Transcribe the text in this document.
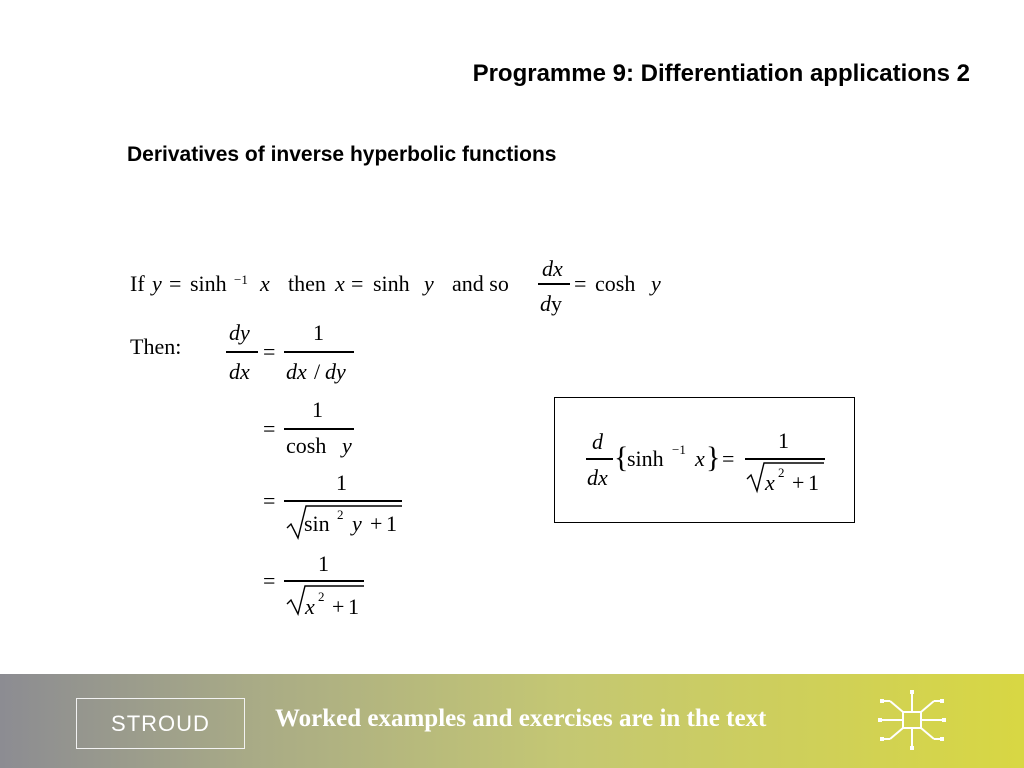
Programme 9: Differentiation applications 2
Derivatives of inverse hyperbolic functions
If y = sinh $_{-1}$ x then x = sinh y and so
dx
dy
= cosh y
Then:
dy
dx
=
1
dx / dy
=
1
cosh y
=
1
sin 2 y + 1
=
1
x 2 + 1
d
dx
{
sinh −1 x } =
1
x 2 + 1
STROUD	Worked examples and exercises are in the text
